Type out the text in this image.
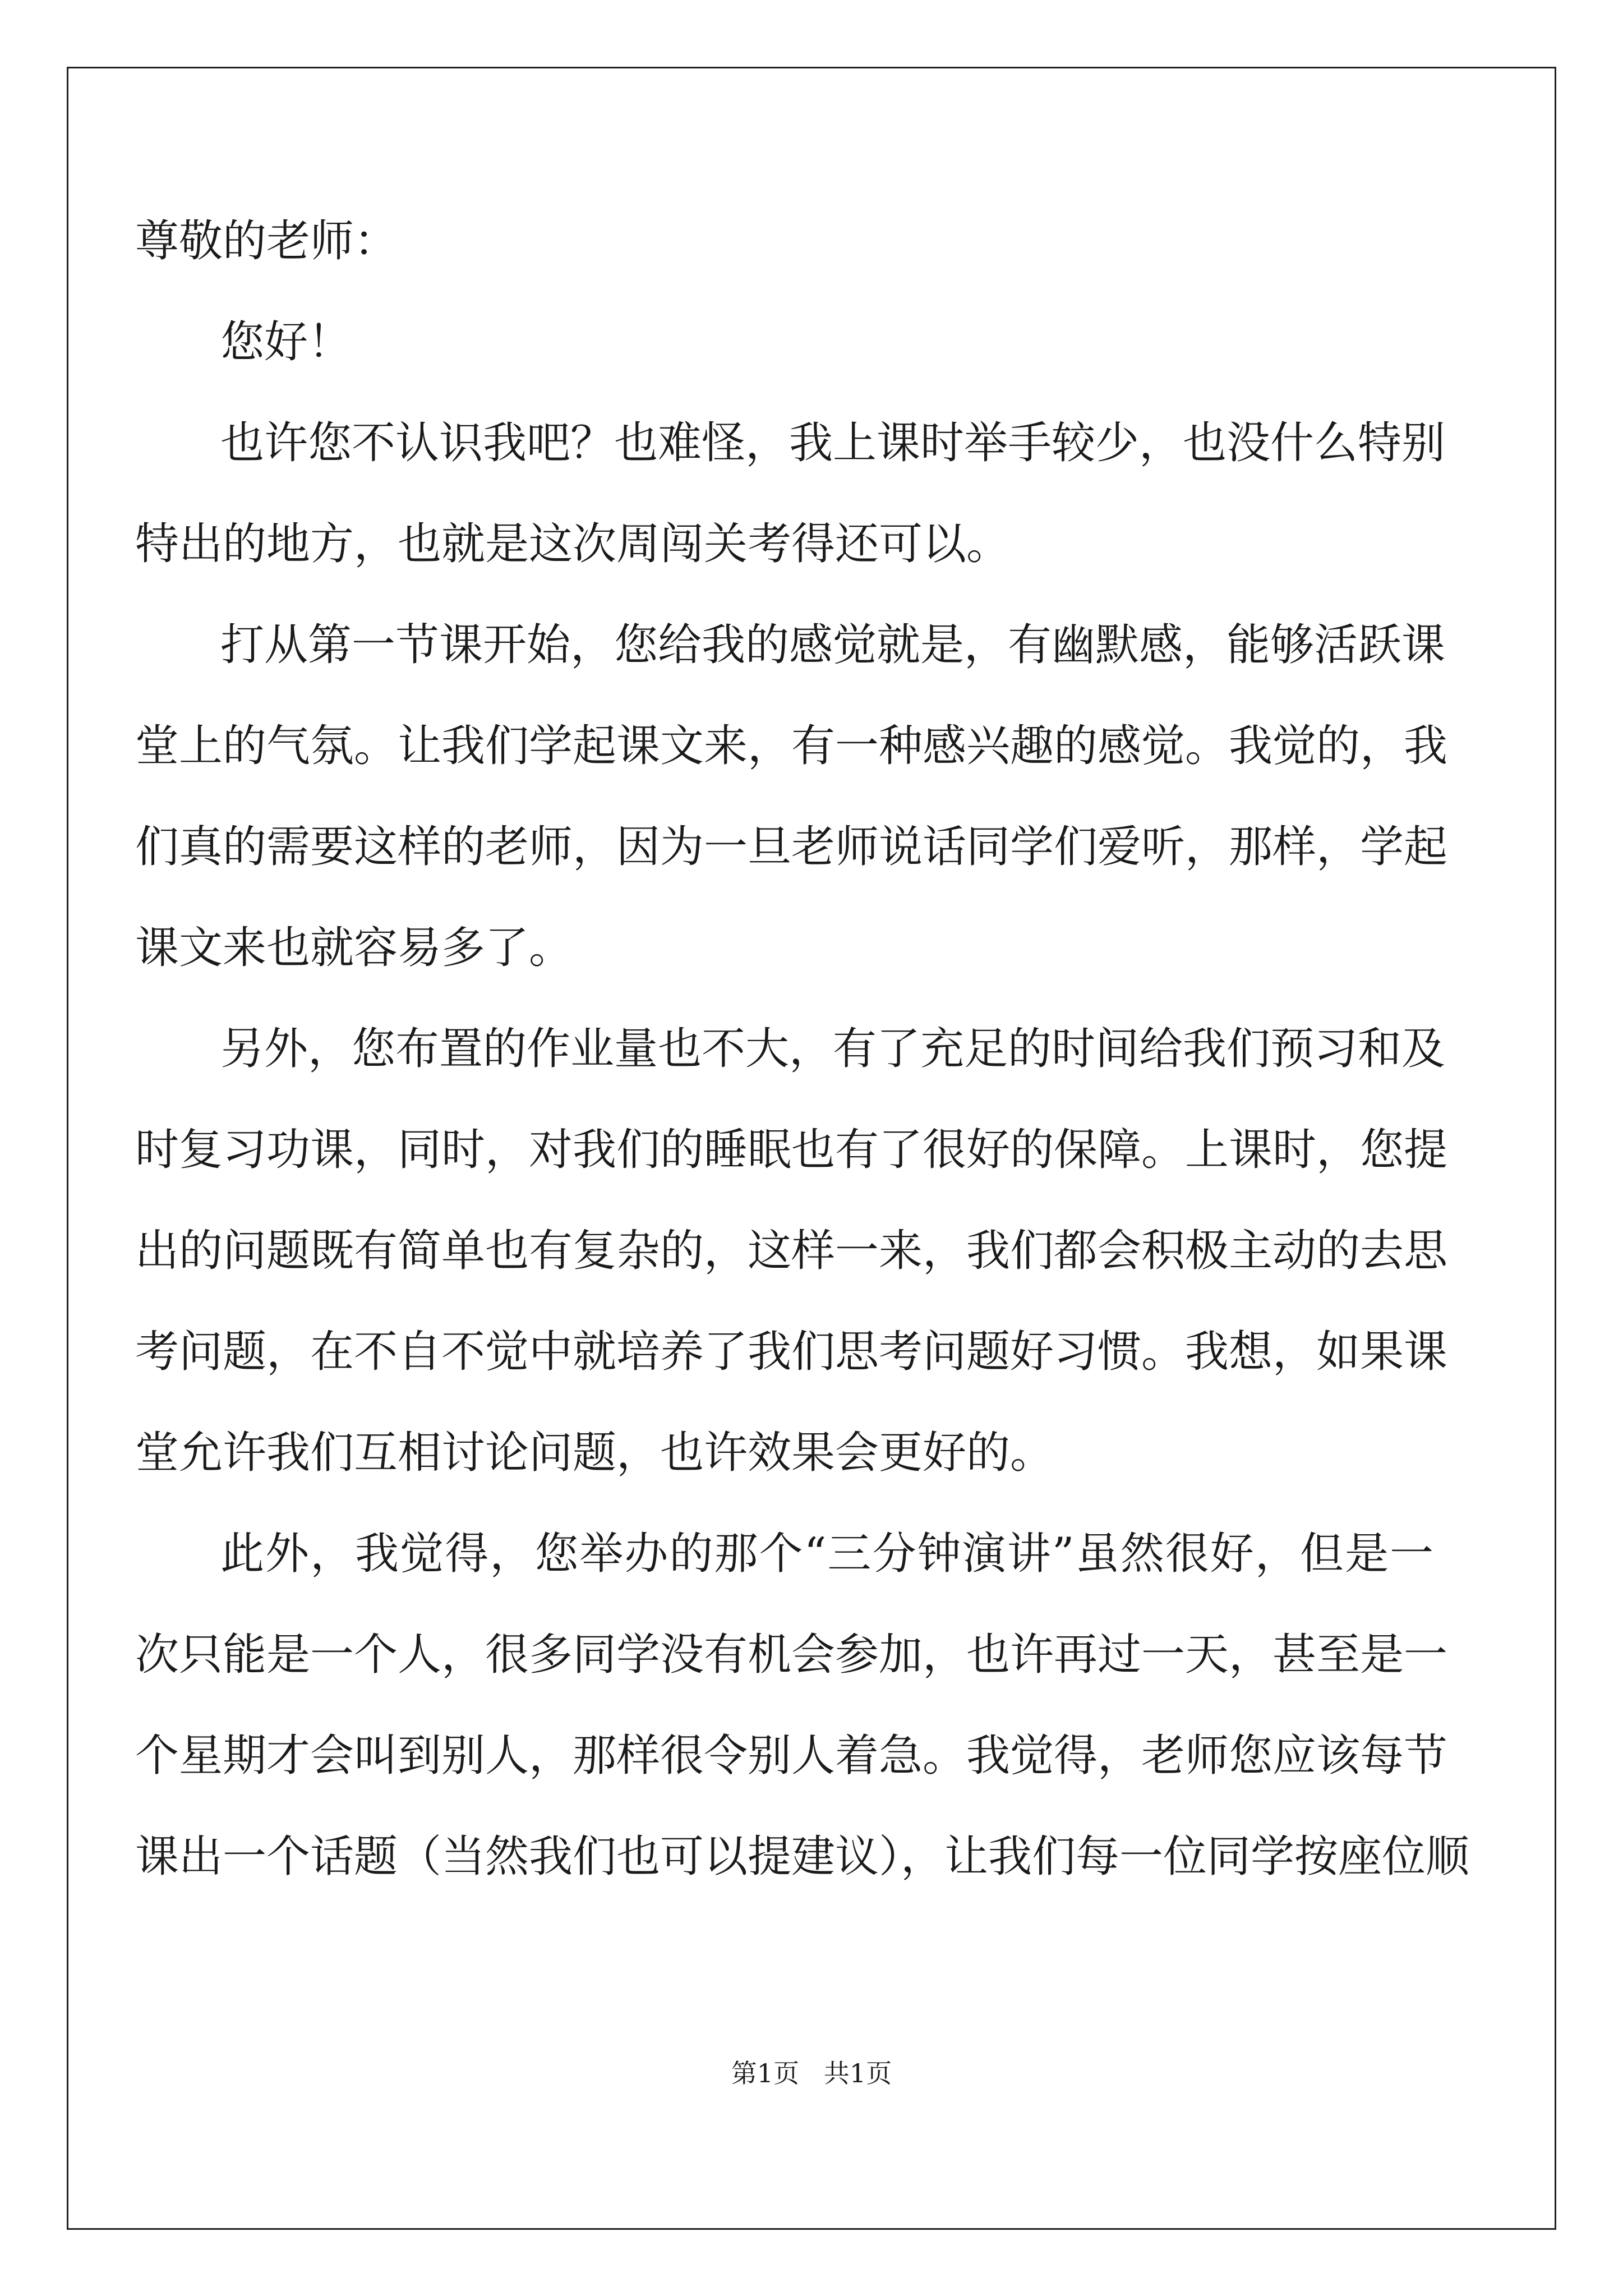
尊敬的老师：
您好！
也许您不认识我吧？也难怪，我上课时举手较少，也没什么特别
特出的地方，也就是这次周闯关考得还可以。
打从第一节课开始，您给我的感觉就是，有幽默感，能够活跃课
堂上的气氛。让我们学起课文来，有一种感兴趣的感觉。我觉的，我
们真的需要这样的老师，因为一旦老师说话同学们爱听，那样，学起
课文来也就容易多了。
另外，您布置的作业量也不大，有了充足的时间给我们预习和及
时复习功课，同时，对我们的睡眠也有了很好的保障。上课时，您提
出的问题既有简单也有复杂的，这样一来，我们都会积极主动的去思
考问题，在不自不觉中就培养了我们思考问题好习惯。我想，如果课
堂允许我们互相讨论问题，也许效果会更好的。
此外，我觉得，您举办的那个“三分钟演讲”虽然很好，但是一
次只能是一个人，很多同学没有机会参加，也许再过一天，甚至是一
个星期才会叫到别人，那样很令别人着急。我觉得，老师您应该每节
课出一个话题（当然我们也可以提建议），让我们每一位同学按座位顺
第1页   共1页
